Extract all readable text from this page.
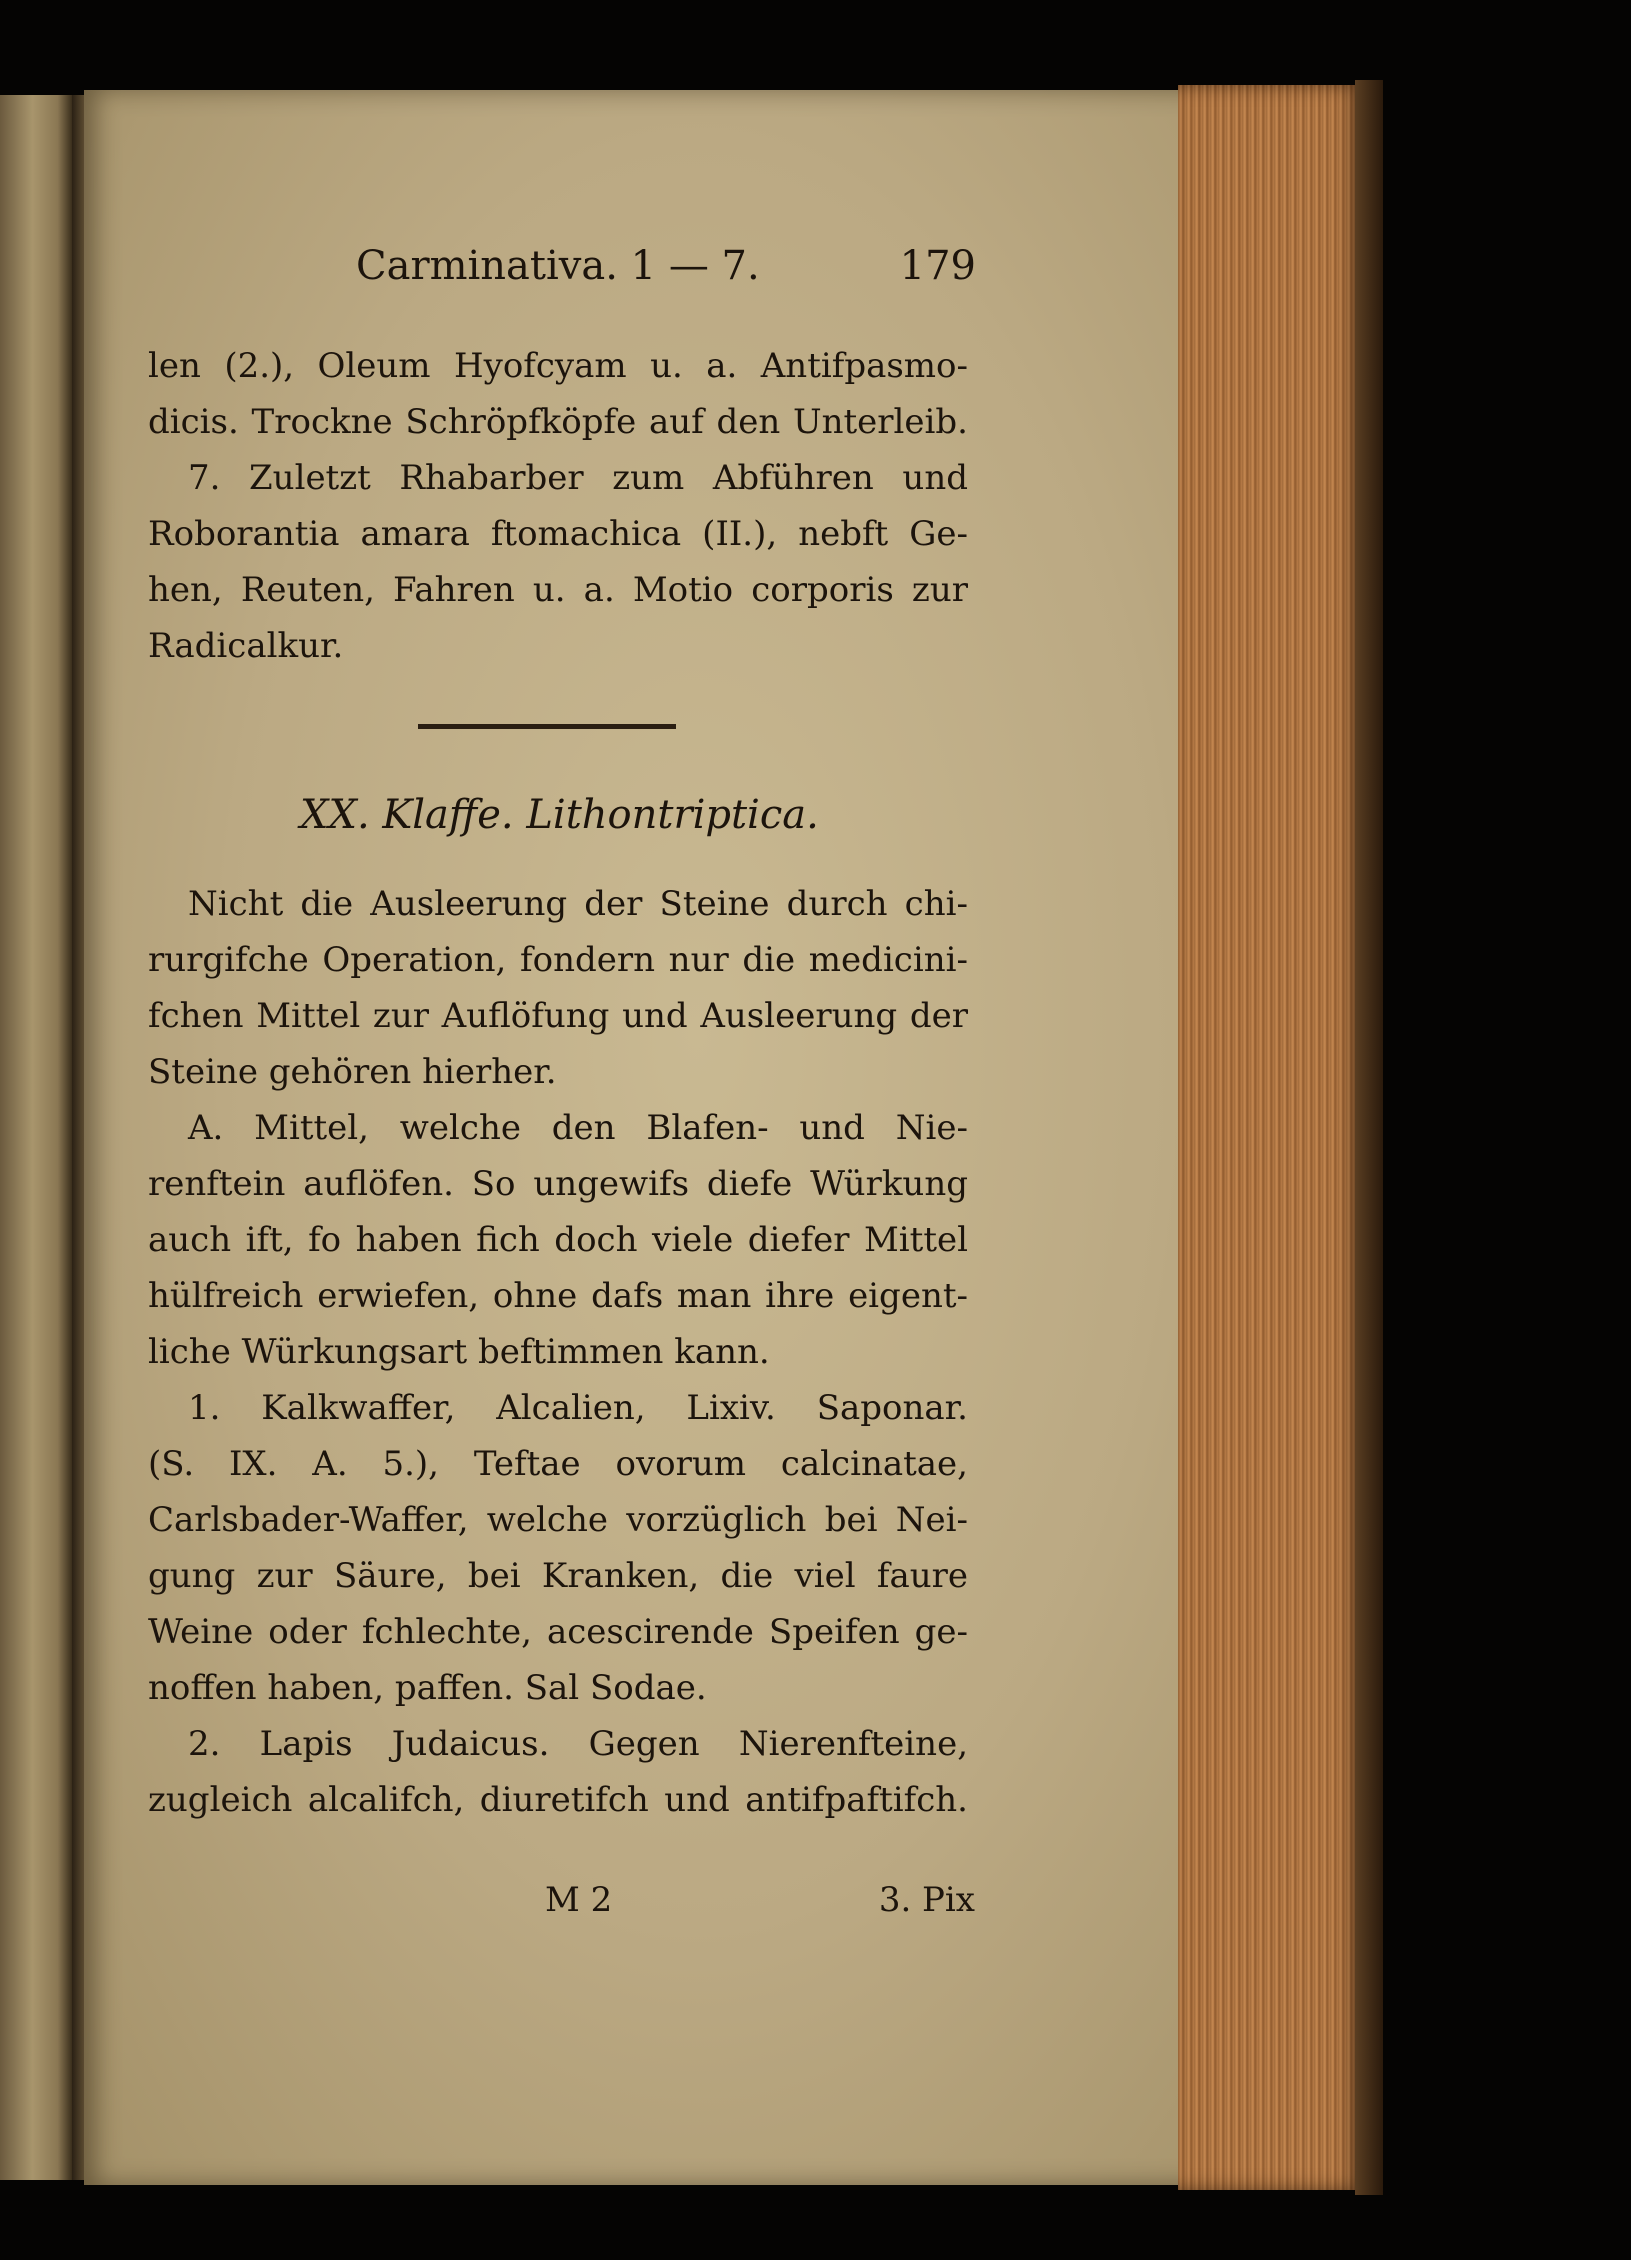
Carminativa. 1 — 7.	179
len (2.), Oleum Hyofcyam u. a. Antifpasmo-
dicis. Trockne Schröpfköpfe auf den Unterleib.
7. Zuletzt Rhabarber zum Abführen und
Roborantia amara ftomachica (II.), nebft Ge-
hen, Reuten, Fahren u. a. Motio corporis zur
Radicalkur.
XX. Klaffe. Lithontriptica.
Nicht die Ausleerung der Steine durch chi-
rurgifche Operation, fondern nur die medicini-
fchen Mittel zur Auflöfung und Ausleerung der
Steine gehören hierher.
A. Mittel, welche den Blafen- und Nie-
renftein auflöfen. So ungewifs diefe Würkung
auch ift, fo haben fich doch viele diefer Mittel
hülfreich erwiefen, ohne dafs man ihre eigent-
liche Würkungsart beftimmen kann.
1. Kalkwaffer, Alcalien, Lixiv. Saponar.
(S. IX. A. 5.), Teftae ovorum calcinatae,
Carlsbader-Waffer, welche vorzüglich bei Nei-
gung zur Säure, bei Kranken, die viel faure
Weine oder fchlechte, acescirende Speifen ge-
noffen haben, paffen. Sal Sodae.
2. Lapis Judaicus. Gegen Nierenfteine,
zugleich alcalifch, diuretifch und antifpaftifch.
M 2	3. Pix
